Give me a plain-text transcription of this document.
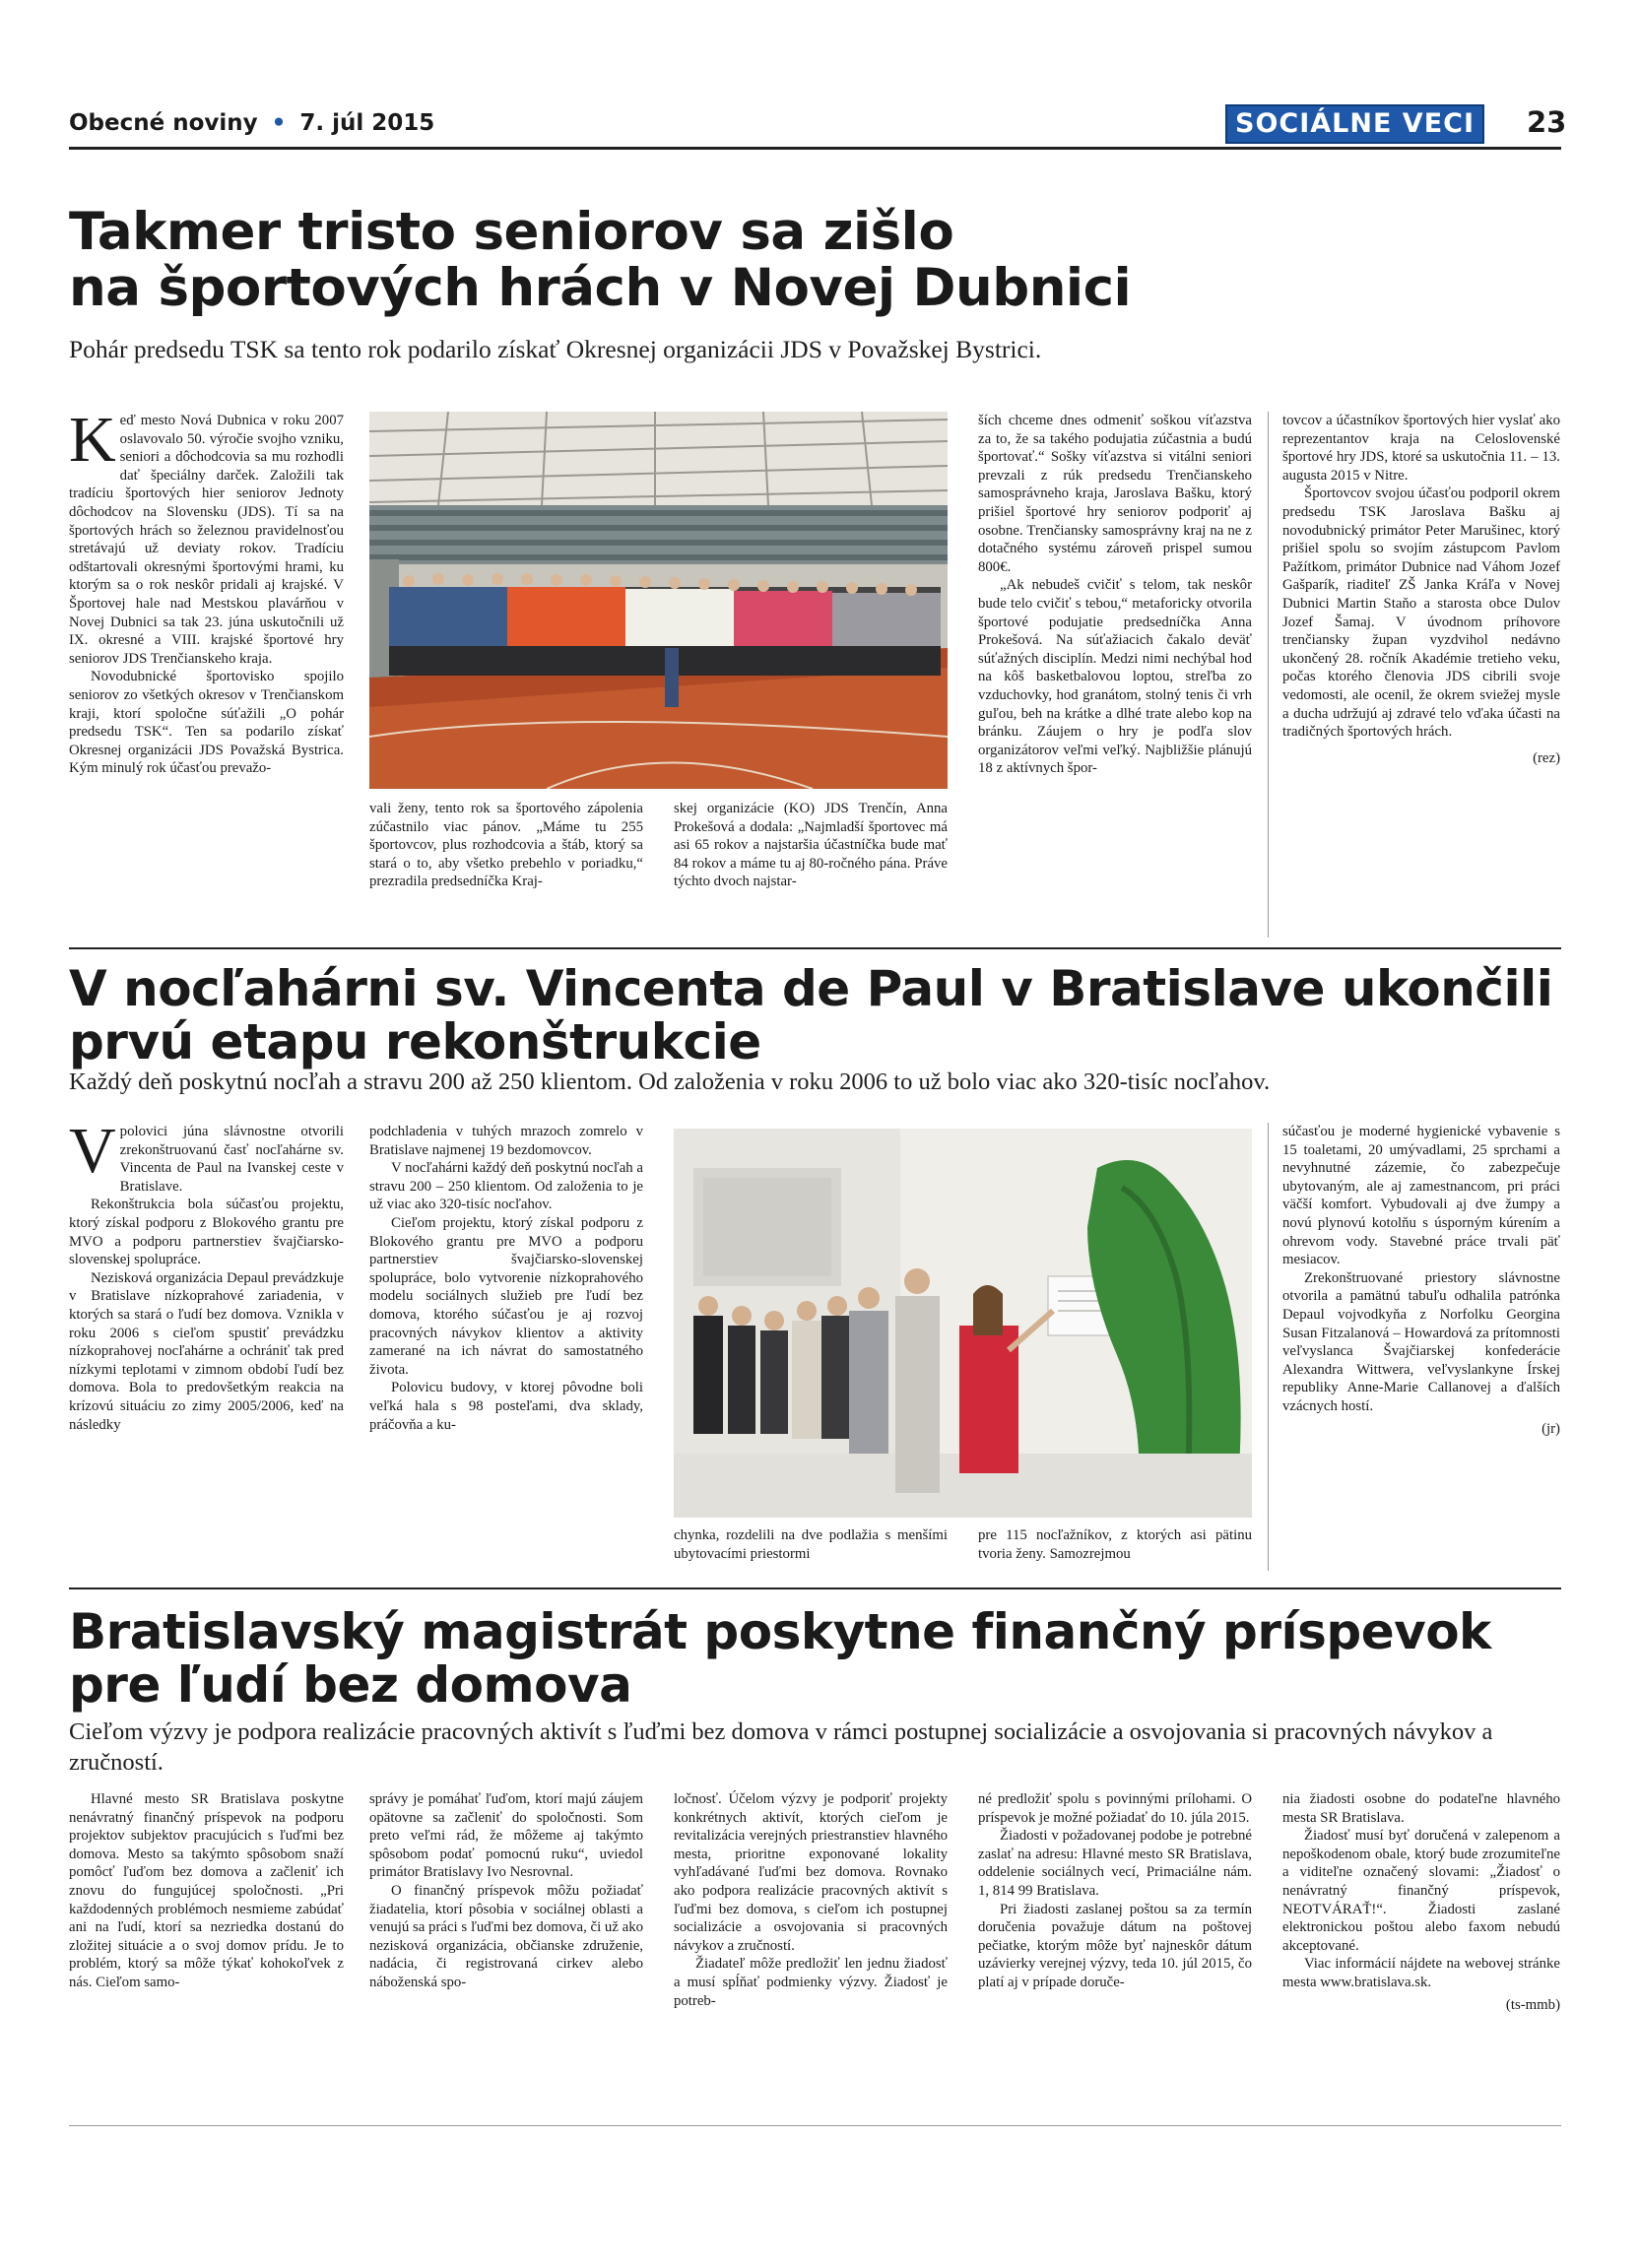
Obecné noviny • 7. júl 2015	SOCIÁLNE VECI	23
Takmer tristo seniorov sa zišlo
na športových hrách v Novej Dubnici
Pohár predsedu TSK sa tento rok podarilo získať Okresnej organizácii JDS v Považskej Bystrici.

Keď mesto Nová Dubnica v roku 2007 oslavovalo 50. výročie svojho vzniku, seniori a dôchodcovia sa mu rozhodli dať špeciálny darček. Založili tak tradíciu športových hier seniorov Jednoty dôchodcov na Slovensku (JDS). Tí sa na športových hrách so železnou pravidelnosťou stretávajú už deviaty rokov. Tradíciu odštartovali okresnými športovými hrami, ku ktorým sa o rok neskôr pridali aj krajské. V Športovej hale nad Mestskou plavárňou v Novej Dubnici sa tak 23. júna uskutočnili už IX. okresné a VIII. krajské športové hry seniorov JDS Trenčianskeho kraja.

Novodubnické športovisko spojilo seniorov zo všetkých okresov v Trenčianskom kraji, ktorí spoločne súťažili „O pohár predsedu TSK“. Ten sa podarilo získať Okresnej organizácii JDS Považská Bystrica. Kým minulý rok účasťou prevažo-

vali ženy, tento rok sa športového zápolenia zúčastnilo viac pánov. „Máme tu 255 športovcov, plus rozhodcovia a štáb, ktorý sa stará o to, aby všetko prebehlo v poriadku,“ prezradila predsedníčka Kraj-

skej organizácie (KO) JDS Trenčín, Anna Prokešová a dodala: „Najmladší športovec má asi 65 rokov a najstaršia účastníčka bude mať 84 rokov a máme tu aj 80-ročného pána. Práve týchto dvoch najstar-

ších chceme dnes odmeniť soškou víťazstva za to, že sa takého podujatia zúčastnia a budú športovať.“ Sošky víťazstva si vitálni seniori prevzali z rúk predsedu Trenčianskeho samosprávneho kraja, Jaroslava Bašku, ktorý prišiel športové hry seniorov podporiť aj osobne. Trenčiansky samosprávny kraj na ne z dotačného systému zároveň prispel sumou 800€.

„Ak nebudeš cvičiť s telom, tak neskôr bude telo cvičiť s tebou,“ metaforicky otvorila športové podujatie predsedníčka Anna Prokešová. Na súťažiacich čakalo deväť súťažných disciplín. Medzi nimi nechýbal hod na kôš basketbalovou loptou, streľba zo vzduchovky, hod granátom, stolný tenis či vrh guľou, beh na krátke a dlhé trate alebo kop na bránku. Záujem o hry je podľa slov organizátorov veľmi veľký. Najbližšie plánujú 18 z aktívnych špor-

tovcov a účastníkov športových hier vyslať ako reprezentantov kraja na Celoslovenské športové hry JDS, ktoré sa uskutočnia 11. – 13. augusta 2015 v Nitre.

Športovcov svojou účasťou podporil okrem predsedu TSK Jaroslava Bašku aj novodubnický primátor Peter Marušinec, ktorý prišiel spolu so svojím zástupcom Pavlom Pažítkom, primátor Dubnice nad Váhom Jozef Gašparík, riaditeľ ZŠ Janka Kráľa v Novej Dubnici Martin Staňo a starosta obce Dulov Jozef Šamaj. V úvodnom príhovore trenčiansky župan vyzdvihol nedávno ukončený 28. ročník Akadémie tretieho veku, počas ktorého členovia JDS cibrili svoje vedomosti, ale ocenil, že okrem sviežej mysle a ducha udržujú aj zdravé telo vďaka účasti na tradičných športových hrách.

(rez)

V nocľahárni sv. Vincenta de Paul v Bratislave ukončili
prvú etapu rekonštrukcie
Každý deň poskytnú nocľah a stravu 200 až 250 klientom. Od založenia v roku 2006 to už bolo viac ako 320-tisíc nocľahov.

Vpolovici júna slávnostne otvorili zrekonštruovanú časť nocľahárne sv. Vincenta de Paul na Ivanskej ceste v Bratislave.

Rekonštrukcia bola súčasťou projektu, ktorý získal podporu z Blokového grantu pre MVO a podporu partnerstiev švajčiarsko-slovenskej spolupráce.

Nezisková organizácia Depaul prevádzkuje v Bratislave nízkoprahové zariadenia, v ktorých sa stará o ľudí bez domova. Vznikla v roku 2006 s cieľom spustiť prevádzku nízkoprahovej nocľahárne a ochrániť tak pred nízkymi teplotami v zimnom období ľudí bez domova. Bola to predovšetkým reakcia na krízovú situáciu zo zimy 2005/2006, keď na následky

podchladenia v tuhých mrazoch zomrelo v Bratislave najmenej 19 bezdomovcov.

V nocľahárni každý deň poskytnú nocľah a stravu 200 – 250 klientom. Od založenia to je už viac ako 320-tisíc nocľahov.

Cieľom projektu, ktorý získal podporu z Blokového grantu pre MVO a podporu partnerstiev švajčiarsko-slovenskej spolupráce, bolo vytvorenie nízkoprahového modelu sociálnych služieb pre ľudí bez domova, ktorého súčasťou je aj rozvoj pracovných návykov klientov a aktivity zamerané na ich návrat do samostatného života.

Polovicu budovy, v ktorej pôvodne boli veľká hala s 98 posteľami, dva sklady, práčovňa a ku-

chynka, rozdelili na dve podlažia s menšími ubytovacími priestormi

pre 115 nocľažníkov, z ktorých asi pätinu tvoria ženy. Samozrejmou

súčasťou je moderné hygienické vybavenie s 15 toaletami, 20 umývadlami, 25 sprchami a nevyhnutné zázemie, čo zabezpečuje ubytovaným, ale aj zamestnancom, pri práci väčší komfort. Vybudovali aj dve žumpy a novú plynovú kotolňu s úsporným kúrením a ohrevom vody. Stavebné práce trvali päť mesiacov.

Zrekonštruované priestory slávnostne otvorila a pamätnú tabuľu odhalila patrónka Depaul vojvodkyňa z Norfolku Georgina Susan Fitzalanová – Howardová za prítomnosti veľvyslanca Švajčiarskej konfederácie Alexandra Wittwera, veľvyslankyne Írskej republiky Anne-Marie Callanovej a ďalších vzácnych hostí.

(jr)

Bratislavský magistrát poskytne finančný príspevok
pre ľudí bez domova
Cieľom výzvy je podpora realizácie pracovných aktivít s ľuďmi bez domova v rámci postupnej socializácie a osvojovania si pracovných návykov a zručností.

Hlavné mesto SR Bratislava poskytne nenávratný finančný príspevok na podporu projektov subjektov pracujúcich s ľuďmi bez domova. Mesto sa takýmto spôsobom snaží pomôcť ľuďom bez domova a začleniť ich znovu do fungujúcej spoločnosti. „Pri každodenných problémoch nesmieme zabúdať ani na ľudí, ktorí sa nezriedka dostanú do zložitej situácie a o svoj domov prídu. Je to problém, ktorý sa môže týkať kohokoľvek z nás. Cieľom samo-

správy je pomáhať ľuďom, ktorí majú záujem opätovne sa začleniť do spoločnosti. Som preto veľmi rád, že môžeme aj takýmto spôsobom podať pomocnú ruku“, uviedol primátor Bratislavy Ivo Nesrovnal.

O finančný príspevok môžu požiadať žiadatelia, ktorí pôsobia v sociálnej oblasti a venujú sa práci s ľuďmi bez domova, či už ako nezisková organizácia, občianske združenie, nadácia, či registrovaná cirkev alebo náboženská spo-

ločnosť. Účelom výzvy je podporiť projekty konkrétnych aktivít, ktorých cieľom je revitalizácia verejných priestranstiev hlavného mesta, prioritne exponované lokality vyhľadávané ľuďmi bez domova. Rovnako ako podpora realizácie pracovných aktivít s ľuďmi bez domova, s cieľom ich postupnej socializácie a osvojovania si pracovných návykov a zručností.

Žiadateľ môže predložiť len jednu žiadosť a musí spĺňať podmienky výzvy. Žiadosť je potreb-

né predložiť spolu s povinnými prílohami. O príspevok je možné požiadať do 10. júla 2015.

Žiadosti v požadovanej podobe je potrebné zaslať na adresu: Hlavné mesto SR Bratislava, oddelenie sociálnych vecí, Primaciálne nám. 1, 814 99 Bratislava.

Pri žiadosti zaslanej poštou sa za termín doručenia považuje dátum na poštovej pečiatke, ktorým môže byť najneskôr dátum uzávierky verejnej výzvy, teda 10. júl 2015, čo platí aj v prípade doruče-

nia žiadosti osobne do podateľne hlavného mesta SR Bratislava.

Žiadosť musí byť doručená v zalepenom a nepoškodenom obale, ktorý bude zrozumiteľne a viditeľne označený slovami: „Žiadosť o nenávratný finančný príspevok, NEOTVÁRAŤ!“. Žiadosti zaslané elektronickou poštou alebo faxom nebudú akceptované.

Viac informácií nájdete na webovej stránke mesta www.bratislava.sk.

(ts-mmb)
